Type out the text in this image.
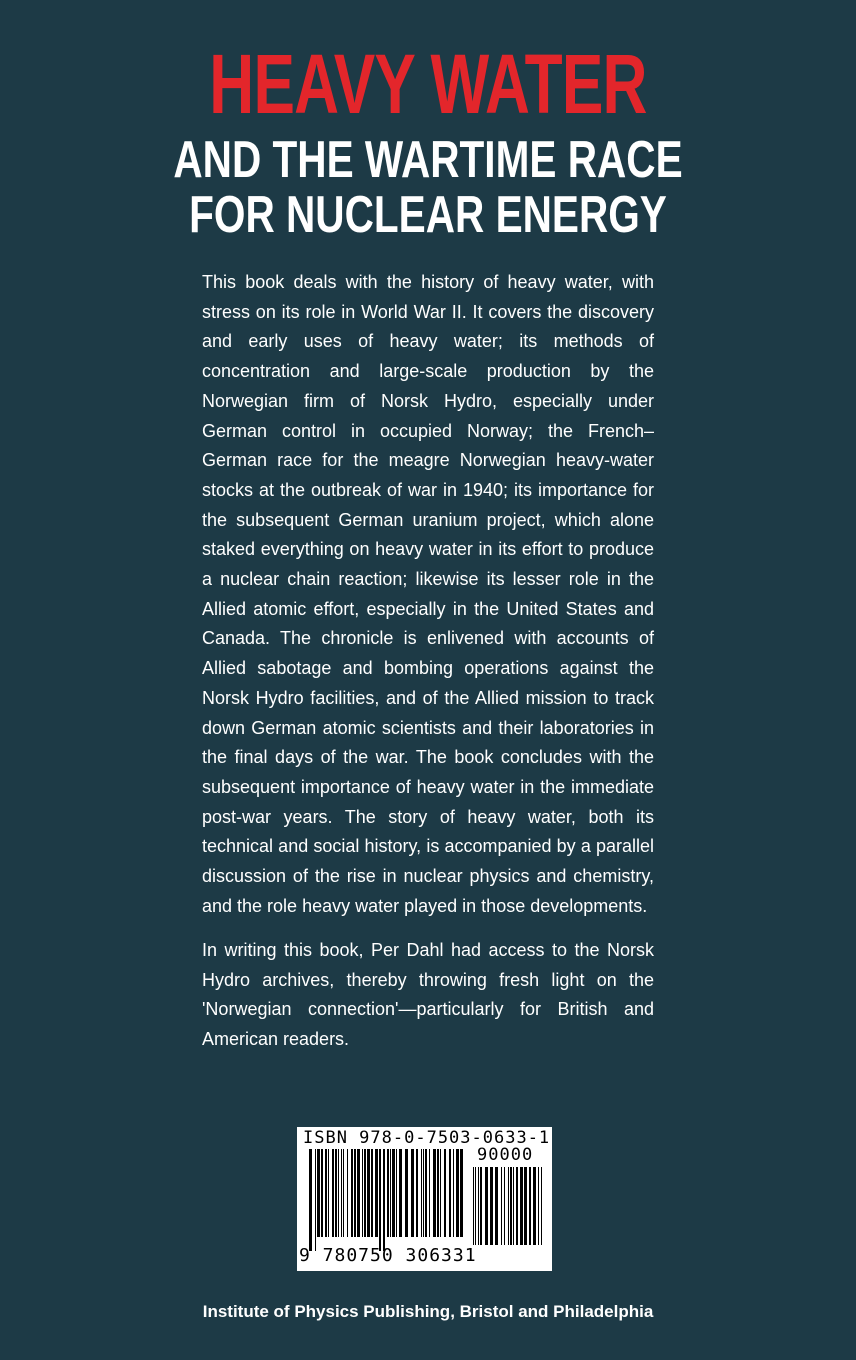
HEAVY WATER
AND THE WARTIME RACE
FOR NUCLEAR ENERGY

This book deals with the history of heavy water, with stress on its role in World War II. It covers the discovery and early uses of heavy water; its methods of concentration and large-scale production by the Norwegian firm of Norsk Hydro, especially under German control in occupied Norway; the French–German race for the meagre Norwegian heavy-water stocks at the outbreak of war in 1940; its importance for the subsequent German uranium project, which alone staked everything on heavy water in its effort to produce a nuclear chain reaction; likewise its lesser role in the Allied atomic effort, especially in the United States and Canada. The chronicle is enlivened with accounts of Allied sabotage and bombing operations against the Norsk Hydro facilities, and of the Allied mission to track down German atomic scientists and their laboratories in the final days of the war. The book concludes with the subsequent importance of heavy water in the immediate post-war years. The story of heavy water, both its technical and social history, is accompanied by a parallel discussion of the rise in nuclear physics and chemistry, and the role heavy water played in those developments.

In writing this book, Per Dahl had access to the Norsk Hydro archives, thereby throwing fresh light on the 'Norwegian connection'—particularly for British and American readers.

ISBN 978-0-7503-0633-1
90000
9 780750 306331
Institute of Physics Publishing, Bristol and Philadelphia
